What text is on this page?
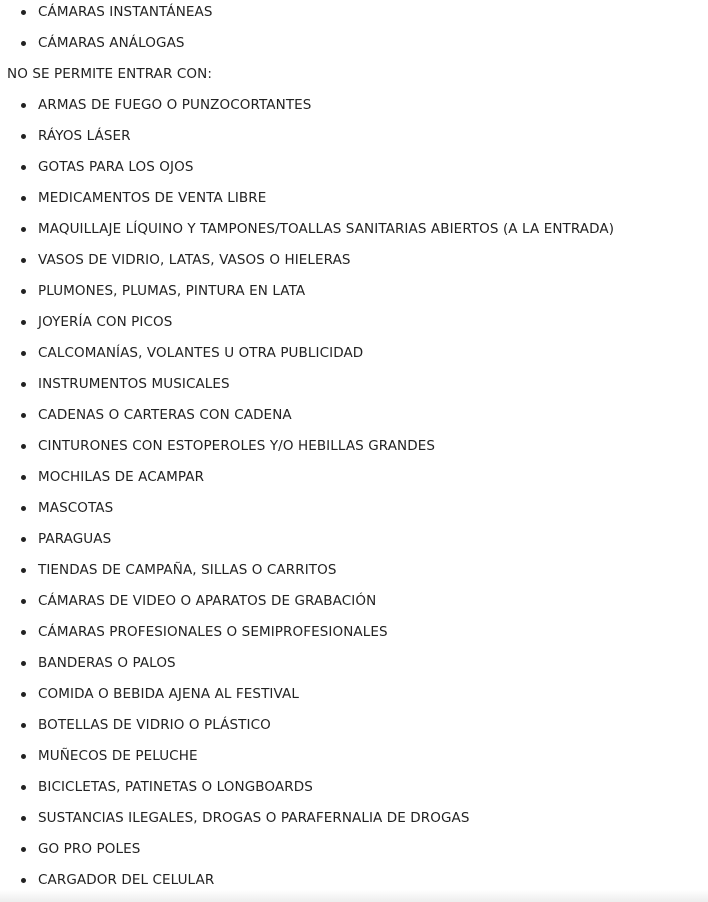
CÁMARAS INSTANTÁNEAS
CÁMARAS ANÁLOGAS
NO SE PERMITE ENTRAR CON:
ARMAS DE FUEGO O PUNZOCORTANTES
RÁYOS LÁSER
GOTAS PARA LOS OJOS
MEDICAMENTOS DE VENTA LIBRE
MAQUILLAJE LÍQUINO Y TAMPONES/TOALLAS SANITARIAS ABIERTOS (A LA ENTRADA)
VASOS DE VIDRIO, LATAS, VASOS O HIELERAS
PLUMONES, PLUMAS, PINTURA EN LATA
JOYERÍA CON PICOS
CALCOMANÍAS, VOLANTES U OTRA PUBLICIDAD
INSTRUMENTOS MUSICALES
CADENAS O CARTERAS CON CADENA
CINTURONES CON ESTOPEROLES Y/O HEBILLAS GRANDES
MOCHILAS DE ACAMPAR
MASCOTAS
PARAGUAS
TIENDAS DE CAMPAÑA, SILLAS O CARRITOS
CÁMARAS DE VIDEO O APARATOS DE GRABACIÓN
CÁMARAS PROFESIONALES O SEMIPROFESIONALES
BANDERAS O PALOS
COMIDA O BEBIDA AJENA AL FESTIVAL
BOTELLAS DE VIDRIO O PLÁSTICO
MUÑECOS DE PELUCHE
BICICLETAS, PATINETAS O LONGBOARDS
SUSTANCIAS ILEGALES, DROGAS O PARAFERNALIA DE DROGAS
GO PRO POLES
CARGADOR DEL CELULAR
